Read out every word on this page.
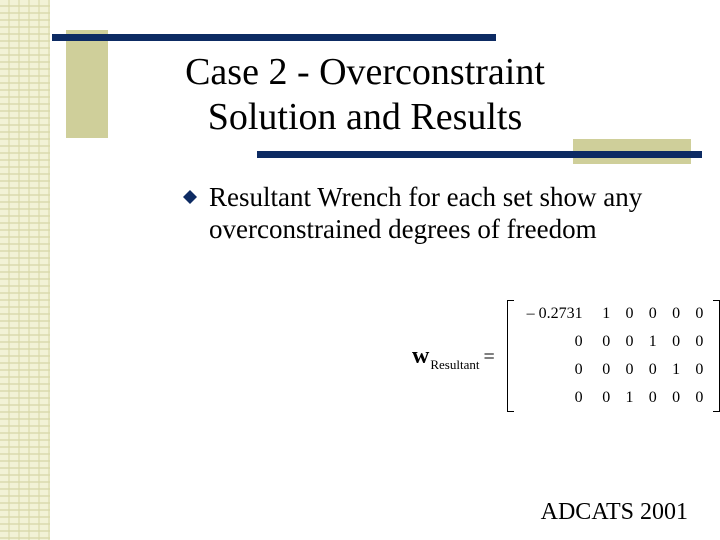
Case 2 - Overconstraint
Solution and Results
Resultant Wrench for each set show any
overconstrained degrees of freedom
w Resultant =
– 0.2731	1	0	0	0	0
0	0	0	1	0	0
0	0	0	0	1	0
0	0	1	0	0	0
ADCATS 2001
